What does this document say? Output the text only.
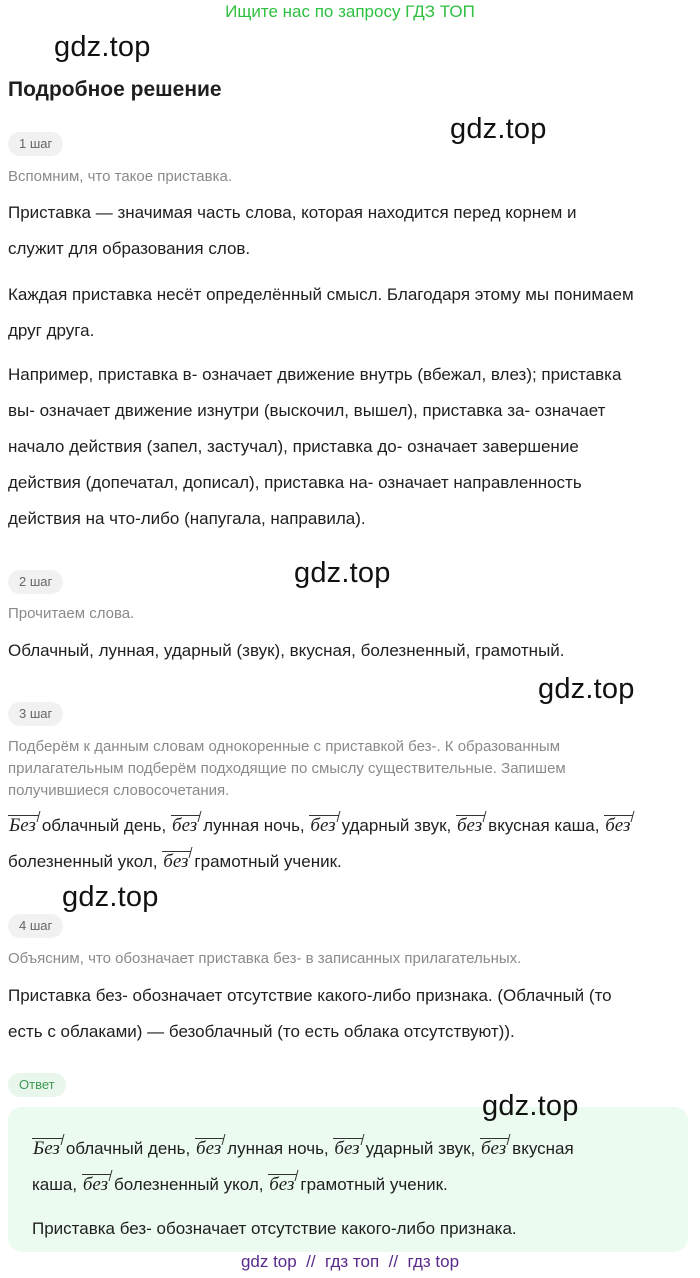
Ищите нас по запросу ГДЗ ТОП
gdz.top
Подробное решение
gdz.top
1 шаг
Вспомним, что такое приставка.
Приставка — значимая часть слова, которая находится перед корнем и
служит для образования слов.
Каждая приставка несёт определённый смысл. Благодаря этому мы понимаем
друг друга.
Например, приставка в- означает движение внутрь (вбежал, влез); приставка
вы- означает движение изнутри (выскочил, вышел), приставка за- означает
начало действия (запел, застучал), приставка до- означает завершение
действия (допечатал, дописал), приставка на- означает направленность
действия на что-либо (напугала, направила).
2 шаг	gdz.top
Прочитаем слова.
Облачный, лунная, ударный (звук), вкусная, болезненный, грамотный.
gdz.top
3 шаг
Подберём к данным словам однокоренные с приставкой без-. К образованным
прилагательным подберём подходящие по смыслу существительные. Запишем
получившиеся словосочетания.
Без облачный день, без лунная ночь, без ударный звук, без вкусная каша, без
болезненный укол, без грамотный ученик.
gdz.top
4 шаг
Объясним, что обозначает приставка без- в записанных прилагательных.
Приставка без- обозначает отсутствие какого-либо признака. (Облачный (то
есть с облаками) — безоблачный (то есть облака отсутствуют)).
Ответ
Без облачный день, без лунная ночь, без ударный звук, без вкусная
каша, без болезненный укол, без грамотный ученик.
Приставка без- обозначает отсутствие какого-либо признака.
gdz.top
gdz top  //  гдз топ  //  гдз top
